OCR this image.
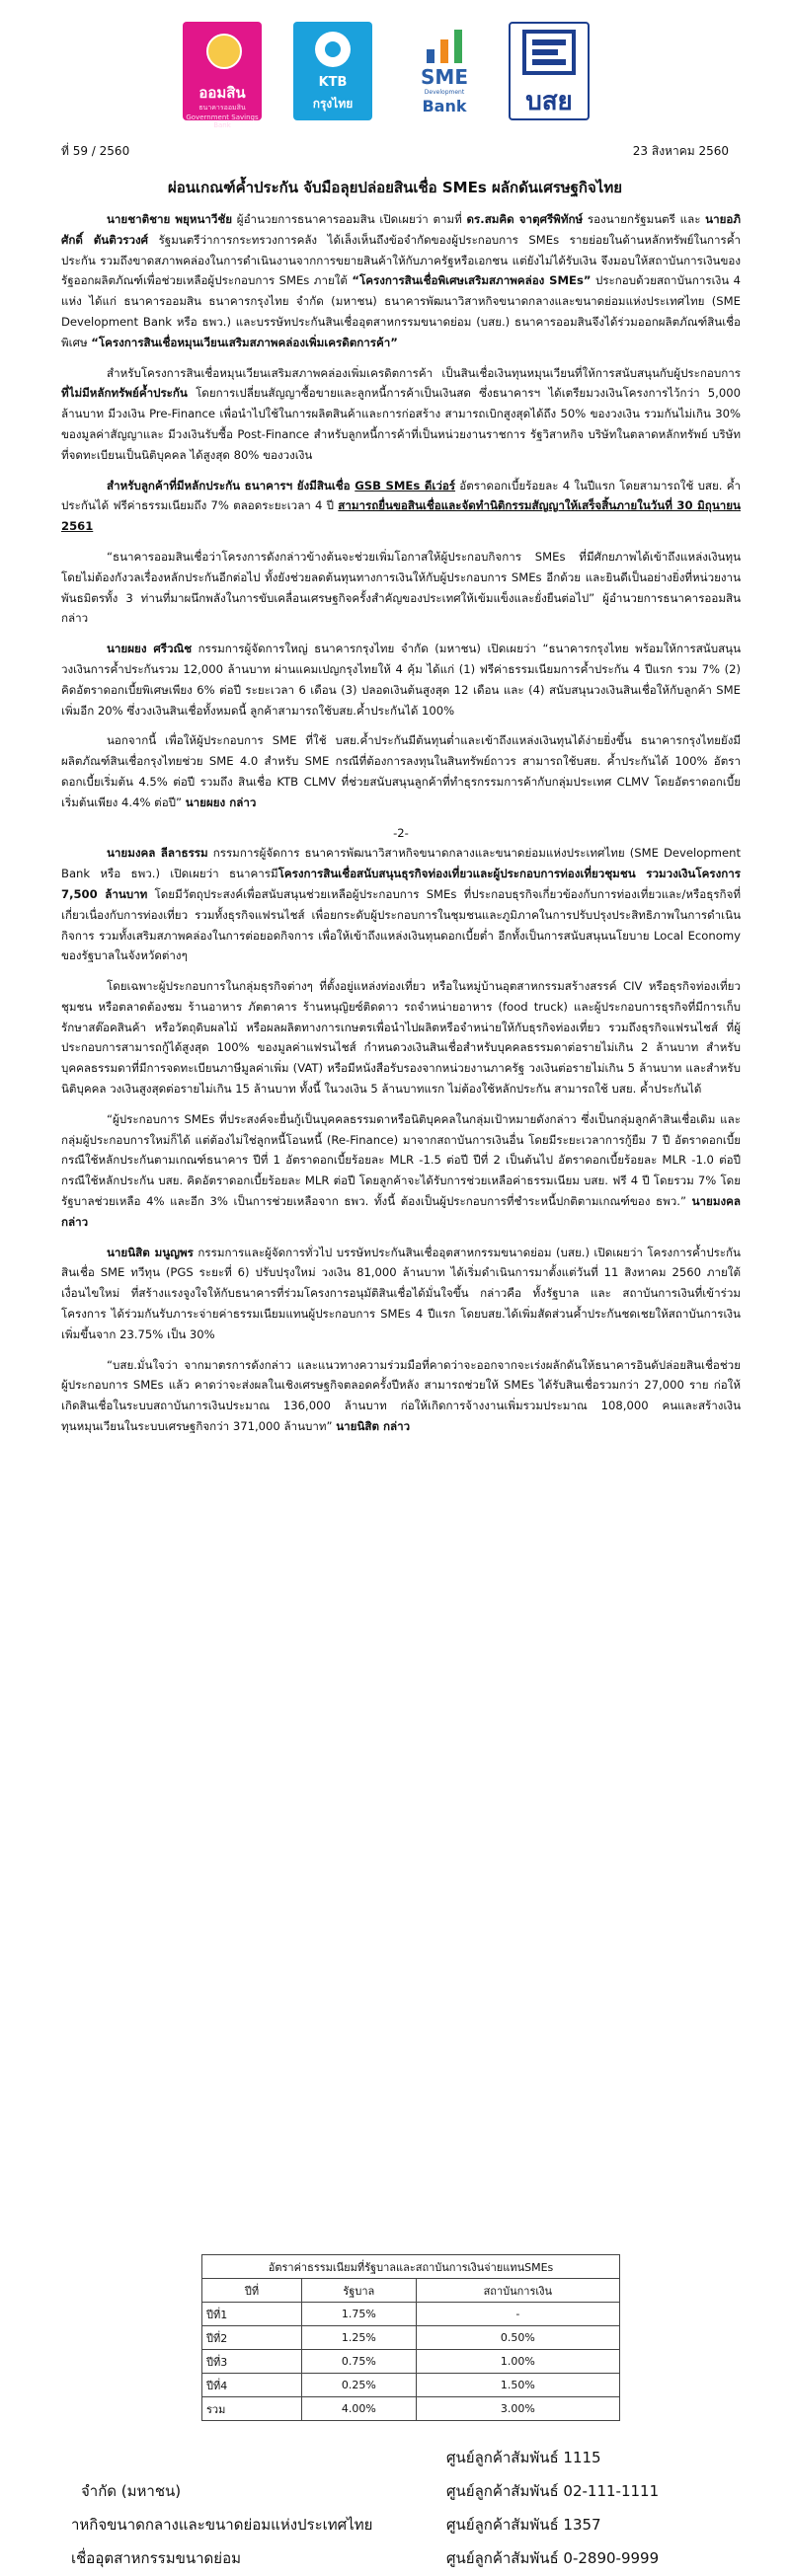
ออมสิน
ธนาคารออมสิน Government Savings Bank
KTB
กรุงไทย
SME
Development
Bank	บสย
ที่ 59 / 2560	23 สิงหาคม 2560
ผ่อนเกณฑ์ค้ำประกัน จับมือลุยปล่อยสินเชื่อ SMEs ผลักดันเศรษฐกิจไทย

นายชาติชาย พยุหนาวีชัย ผู้อำนวยการธนาคารออมสิน เปิดเผยว่า ตามที่ ดร.สมคิด จาตุศรีพิทักษ์ รองนายกรัฐมนตรี และ นายอภิศักดิ์ ตันติวรวงศ์ รัฐมนตรีว่าการกระทรวงการคลัง ได้เล็งเห็นถึงข้อจำกัดของผู้ประกอบการ SMEs รายย่อยในด้านหลักทรัพย์ในการค้ำประกัน รวมถึงขาดสภาพคล่องในการดำเนินงานจากการขยายสินค้าให้กับภาครัฐหรือเอกชน แต่ยังไม่ได้รับเงิน จึงมอบให้สถาบันการเงินของรัฐออกผลิตภัณฑ์เพื่อช่วยเหลือผู้ประกอบการ SMEs ภายใต้ “โครงการสินเชื่อพิเศษเสริมสภาพคล่อง SMEs” ประกอบด้วยสถาบันการเงิน 4 แห่ง ได้แก่ ธนาคารออมสิน ธนาคารกรุงไทย จำกัด (มหาชน) ธนาคารพัฒนาวิสาหกิจขนาดกลางและขนาดย่อมแห่งประเทศไทย (SME Development Bank หรือ ธพว.) และบรรษัทประกันสินเชื่ออุตสาหกรรมขนาดย่อม (บสย.) ธนาคารออมสินจึงได้ร่วมออกผลิตภัณฑ์สินเชื่อพิเศษ “โครงการสินเชื่อหมุนเวียนเสริมสภาพคล่องเพิ่มเครดิตการค้า”

สำหรับโครงการสินเชื่อหมุนเวียนเสริมสภาพคล่องเพิ่มเครดิตการค้า เป็นสินเชื่อเงินทุนหมุนเวียนที่ให้การสนับสนุนกับผู้ประกอบการที่ไม่มีหลักทรัพย์ค้ำประกัน โดยการเปลี่ยนสัญญาซื้อขายและลูกหนี้การค้าเป็นเงินสด ซึ่งธนาคารฯ ได้เตรียมวงเงินโครงการไว้กว่า 5,000 ล้านบาท มีวงเงิน Pre-Finance เพื่อนำไปใช้ในการผลิตสินค้าและการก่อสร้าง สามารถเบิกสูงสุดได้ถึง 50% ของวงเงิน รวมกันไม่เกิน 30% ของมูลค่าสัญญาและ มีวงเงินรับซื้อ Post-Finance สำหรับลูกหนี้การค้าที่เป็นหน่วยงานราชการ รัฐวิสาหกิจ บริษัทในตลาดหลักทรัพย์ บริษัทที่จดทะเบียนเป็นนิติบุคคล ได้สูงสุด 80% ของวงเงิน

สำหรับลูกค้าที่มีหลักประกัน ธนาคารฯ ยังมีสินเชื่อ GSB SMEs ดีเว่อร์ อัตราดอกเบี้ยร้อยละ 4 ในปีแรก โดยสามารถใช้ บสย. ค้ำประกันได้ ฟรีค่าธรรมเนียมถึง 7% ตลอดระยะเวลา 4 ปี สามารถยื่นขอสินเชื่อและจัดทำนิติกรรมสัญญาให้เสร็จสิ้นภายในวันที่ 30 มิถุนายน 2561

“ธนาคารออมสินเชื่อว่าโครงการดังกล่าวข้างต้นจะช่วยเพิ่มโอกาสให้ผู้ประกอบกิจการ SMEs ที่มีศักยภาพได้เข้าถึงแหล่งเงินทุนโดยไม่ต้องกังวลเรื่องหลักประกันอีกต่อไป ทั้งยังช่วยลดต้นทุนทางการเงินให้กับผู้ประกอบการ SMEs อีกด้วย และยินดีเป็นอย่างยิ่งที่หน่วยงานพันธมิตรทั้ง 3 ท่านที่มาผนึกพลังในการขับเคลื่อนเศรษฐกิจครั้งสำคัญของประเทศให้เข้มแข็งและยั่งยืนต่อไป” ผู้อำนวยการธนาคารออมสิน กล่าว

นายผยง ศรีวณิช กรรมการผู้จัดการใหญ่ ธนาคารกรุงไทย จำกัด (มหาชน) เปิดเผยว่า “ธนาคารกรุงไทย พร้อมให้การสนับสนุนวงเงินการค้ำประกันรวม 12,000 ล้านบาท ผ่านแคมเปญกรุงไทยให้ 4 คุ้ม ได้แก่ (1) ฟรีค่าธรรมเนียมการค้ำประกัน 4 ปีแรก รวม 7% (2) คิดอัตราดอกเบี้ยพิเศษเพียง 6% ต่อปี ระยะเวลา 6 เดือน (3) ปลอดเงินต้นสูงสุด 12 เดือน และ (4) สนับสนุนวงเงินสินเชื่อให้กับลูกค้า SME เพิ่มอีก 20% ซึ่งวงเงินสินเชื่อทั้งหมดนี้ ลูกค้าสามารถใช้บสย.ค้ำประกันได้ 100%

นอกจากนี้ เพื่อให้ผู้ประกอบการ SME ที่ใช้ บสย.ค้ำประกันมีต้นทุนต่ำและเข้าถึงแหล่งเงินทุนได้ง่ายยิ่งขึ้น ธนาคารกรุงไทยยังมีผลิตภัณฑ์สินเชื่อกรุงไทยช่วย SME 4.0 สำหรับ SME กรณีที่ต้องการลงทุนในสินทรัพย์ถาวร สามารถใช้บสย. ค้ำประกันได้ 100% อัตราดอกเบี้ยเริ่มต้น 4.5% ต่อปี รวมถึง สินเชื่อ KTB CLMV ที่ช่วยสนับสนุนลูกค้าที่ทำธุรกรรมการค้ากับกลุ่มประเทศ CLMV โดยอัตราดอกเบี้ยเริ่มต้นเพียง 4.4% ต่อปี” นายผยง กล่าว

-2-

นายมงคล ลีลาธรรม กรรมการผู้จัดการ ธนาคารพัฒนาวิสาหกิจขนาดกลางและขนาดย่อมแห่งประเทศไทย (SME Development Bank หรือ ธพว.) เปิดเผยว่า ธนาคารมีโครงการสินเชื่อสนับสนุนธุรกิจท่องเที่ยวและผู้ประกอบการท่องเที่ยวชุมชน รวมวงเงินโครงการ 7,500 ล้านบาท โดยมีวัตถุประสงค์เพื่อสนับสนุนช่วยเหลือผู้ประกอบการ SMEs ที่ประกอบธุรกิจเกี่ยวข้องกับการท่องเที่ยวและ/หรือธุรกิจที่เกี่ยวเนื่องกับการท่องเที่ยว รวมทั้งธุรกิจแฟรนไชส์ เพื่อยกระดับผู้ประกอบการในชุมชนและภูมิภาคในการปรับปรุงประสิทธิภาพในการดำเนินกิจการ รวมทั้งเสริมสภาพคล่องในการต่อยอดกิจการ เพื่อให้เข้าถึงแหล่งเงินทุนดอกเบี้ยต่ำ อีกทั้งเป็นการสนับสนุนนโยบาย Local Economy ของรัฐบาลในจังหวัดต่างๆ

โดยเฉพาะผู้ประกอบการในกลุ่มธุรกิจต่างๆ ที่ตั้งอยู่แหล่งท่องเที่ยว หรือในหมู่บ้านอุตสาหกรรมสร้างสรรค์ CIV หรือธุรกิจท่องเที่ยวชุมชน หรือตลาดต้องชม ร้านอาหาร ภัตตาคาร ร้านหนุญิยซ์ติดดาว รถจำหน่ายอาหาร (food truck) และผู้ประกอบการธุรกิจที่มีการเก็บรักษาสต๊อคสินค้า หรือวัตถุดิบผลไม้ หรือผลผลิตทางการเกษตรเพื่อนำไปผลิตหรือจำหน่ายให้กับธุรกิจท่องเที่ยว รวมถึงธุรกิจแฟรนไชส์ ที่ผู้ประกอบการสามารถกู้ได้สูงสุด 100% ของมูลค่าแฟรนไชส์ กำหนดวงเงินสินเชื่อสำหรับบุคคลธรรมดาต่อรายไม่เกิน 2 ล้านบาท สำหรับบุคคลธรรมดาที่มีการจดทะเบียนภาษีมูลค่าเพิ่ม (VAT) หรือมีหนังสือรับรองจากหน่วยงานภาครัฐ วงเงินต่อรายไม่เกิน 5 ล้านบาท และสำหรับนิติบุคคล วงเงินสูงสุดต่อรายไม่เกิน 15 ล้านบาท ทั้งนี้ ในวงเงิน 5 ล้านบาทแรก ไม่ต้องใช้หลักประกัน สามารถใช้ บสย. ค้ำประกันได้

“ผู้ประกอบการ SMEs ที่ประสงค์จะยื่นกู้เป็นบุคคลธรรมดาหรือนิติบุคคลในกลุ่มเป้าหมายดังกล่าว ซึ่งเป็นกลุ่มลูกค้าสินเชื่อเดิม และกลุ่มผู้ประกอบการใหม่ก็ได้ แต่ต้องไม่ใช่ลูกหนี้โอนหนี้ (Re-Finance) มาจากสถาบันการเงินอื่น โดยมีระยะเวลาการกู้ยืม 7 ปี อัตราดอกเบี้ยกรณีใช้หลักประกันตามเกณฑ์ธนาคาร ปีที่ 1 อัตราดอกเบี้ยร้อยละ MLR -1.5 ต่อปี ปีที่ 2 เป็นต้นไป อัตราดอกเบี้ยร้อยละ MLR -1.0 ต่อปี กรณีใช้หลักประกัน บสย. คิดอัตราดอกเบี้ยร้อยละ MLR ต่อปี โดยลูกค้าจะได้รับการช่วยเหลือค่าธรรมเนียม บสย. ฟรี 4 ปี โดยรวม 7% โดยรัฐบาลช่วยเหลือ 4% และอีก 3% เป็นการช่วยเหลือจาก ธพว. ทั้งนี้ ต้องเป็นผู้ประกอบการที่ชำระหนี้ปกติตามเกณฑ์ของ ธพว.” นายมงคล กล่าว

นายนิสิต มนูญพร กรรมการและผู้จัดการทั่วไป บรรษัทประกันสินเชื่ออุตสาหกรรมขนาดย่อม (บสย.) เปิดเผยว่า โครงการค้ำประกันสินเชื่อ SME ทวีทุน (PGS ระยะที่ 6) ปรับปรุงใหม่ วงเงิน 81,000 ล้านบาท ได้เริ่มดำเนินการมาตั้งแต่วันที่ 11 สิงหาคม 2560 ภายใต้เงื่อนไขใหม่ ที่สร้างแรงจูงใจให้กับธนาคารที่ร่วมโครงการอนุมัติสินเชื่อได้มั่นใจขึ้น กล่าวคือ ทั้งรัฐบาล และ สถาบันการเงินที่เข้าร่วมโครงการ ได้ร่วมกันรับภาระจ่ายค่าธรรมเนียมแทนผู้ประกอบการ SMEs 4 ปีแรก โดยบสย.ได้เพิ่มสัดส่วนค้ำประกันชดเชยให้สถาบันการเงินเพิ่มขึ้นจาก 23.75% เป็น 30%

“บสย.มั่นใจว่า จากมาตรการดังกล่าว และแนวทางความร่วมมือที่คาดว่าจะออกจากจะเร่งผลักดันให้ธนาคารอินดัปล่อยสินเชื่อช่วยผู้ประกอบการ SMEs แล้ว คาดว่าจะส่งผลในเชิงเศรษฐกิจตลอดครั้งปีหลัง สามารถช่วยให้ SMEs ได้รับสินเชื่อรวมกว่า 27,000 ราย ก่อให้เกิดสินเชื่อในระบบสถาบันการเงินประมาณ 136,000 ล้านบาท ก่อให้เกิดการจ้างงานเพิ่มรวมประมาณ 108,000 คนและสร้างเงินทุนหมุนเวียนในระบบเศรษฐกิจกว่า 371,000 ล้านบาท” นายนิสิต กล่าว

อัตราค่าธรรมเนียมที่รัฐบาลและสถาบันการเงินจ่ายแทนSMEs		
ปีที่	รัฐบาล	สถาบันการเงิน
ปีที่1	1.75%	-
ปีที่2	1.25%	0.50%
ปีที่3	0.75%	1.00%
ปีที่4	0.25%	1.50%
รวม	4.00%	3.00%
ศูนย์ลูกค้าสัมพันธ์ 1115
จำกัด (มหาชน)	ศูนย์ลูกค้าสัมพันธ์ 02-111-1111
าหกิจขนาดกลางและขนาดย่อมแห่งประเทศไทย	ศูนย์ลูกค้าสัมพันธ์ 1357
เชื่ออุตสาหกรรมขนาดย่อม	ศูนย์ลูกค้าสัมพันธ์ 0-2890-9999
